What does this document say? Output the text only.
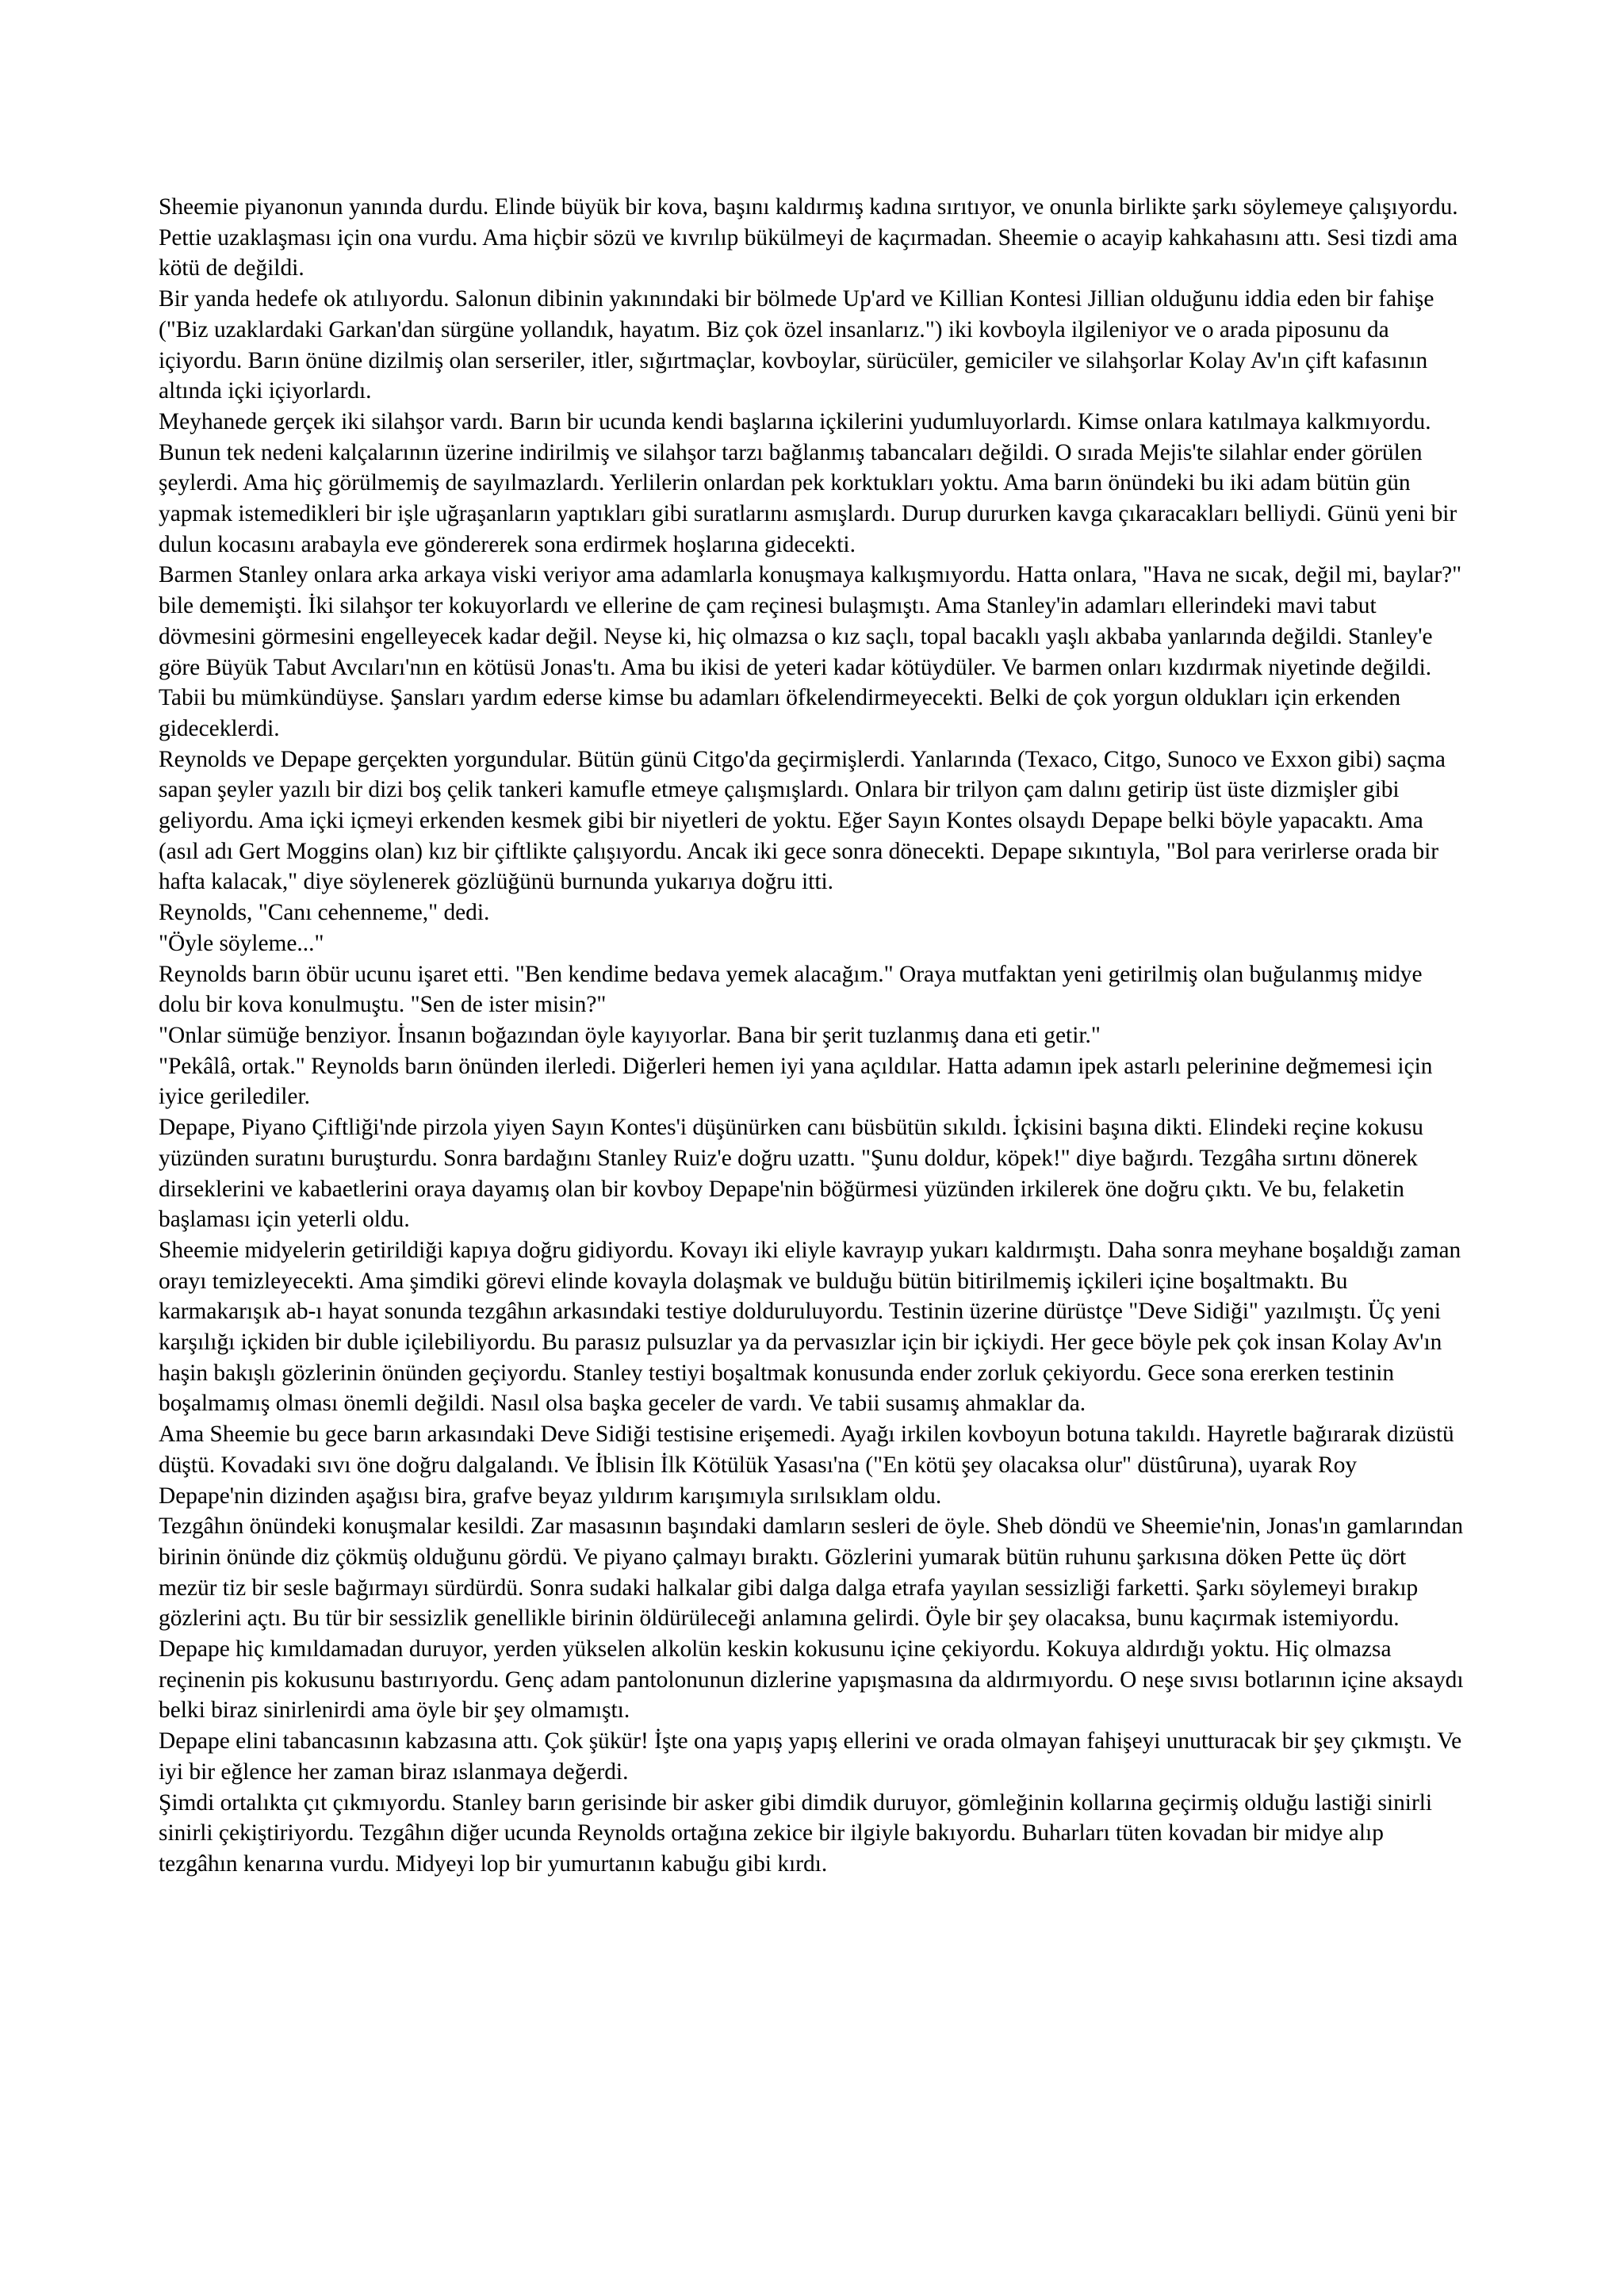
Sheemie piyanonun yanında durdu. Elinde büyük bir kova, başını kaldırmış kadına sırıtıyor, ve onunla birlikte şarkı söylemeye çalışıyordu. Pettie uzaklaşması için ona vurdu. Ama hiçbir sözü ve kıvrılıp bükülmeyi de kaçırmadan. Sheemie o acayip kahkahasını attı. Sesi tizdi ama kötü de değildi.

Bir yanda hedefe ok atılıyordu. Salonun dibinin yakınındaki bir bölmede Up'ard ve Killian Kontesi Jillian olduğunu iddia eden bir fahişe ("Biz uzaklardaki Garkan'dan sürgüne yollandık, hayatım. Biz çok özel insanlarız.") iki kovboyla ilgileniyor ve o arada piposunu da içiyordu. Barın önüne dizilmiş olan serseriler, itler, sığırtmaçlar, kovboylar, sürücüler, gemiciler ve silahşorlar Kolay Av'ın çift kafasının altında içki içiyorlardı.

Meyhanede gerçek iki silahşor vardı. Barın bir ucunda kendi başlarına içkilerini yudumluyorlardı. Kimse onlara katılmaya kalkmıyordu. Bunun tek nedeni kalçalarının üzerine indirilmiş ve silahşor tarzı bağlanmış tabancaları değildi. O sırada Mejis'te silahlar ender görülen şeylerdi. Ama hiç görülmemiş de sayılmazlardı. Yerlilerin onlardan pek korktukları yoktu. Ama barın önündeki bu iki adam bütün gün yapmak istemedikleri bir işle uğraşanların yaptıkları gibi suratlarını asmışlardı. Durup dururken kavga çıkaracakları belliydi. Günü yeni bir dulun kocasını arabayla eve göndererek sona erdirmek hoşlarına gidecekti.

Barmen Stanley onlara arka arkaya viski veriyor ama adamlarla konuşmaya kalkışmıyordu. Hatta onlara, "Hava ne sıcak, değil mi, baylar?" bile dememişti. İki silahşor ter kokuyorlardı ve ellerine de çam reçinesi bulaşmıştı. Ama Stanley'in adamları ellerindeki mavi tabut dövmesini görmesini engelleyecek kadar değil. Neyse ki, hiç olmazsa o kız saçlı, topal bacaklı yaşlı akbaba yanlarında değildi. Stanley'e göre Büyük Tabut Avcıları'nın en kötüsü Jonas'tı. Ama bu ikisi de yeteri kadar kötüydüler. Ve barmen onları kızdırmak niyetinde değildi. Tabii bu mümkündüyse. Şansları yardım ederse kimse bu adamları öfkelendirmeyecekti. Belki de çok yorgun oldukları için erkenden gideceklerdi.

Reynolds ve Depape gerçekten yorgundular. Bütün günü Citgo'da geçirmişlerdi. Yanlarında (Texaco, Citgo, Sunoco ve Exxon gibi) saçma sapan şeyler yazılı bir dizi boş çelik tankeri kamufle etmeye çalışmışlardı. Onlara bir trilyon çam dalını getirip üst üste dizmişler gibi geliyordu. Ama içki içmeyi erkenden kesmek gibi bir niyetleri de yoktu. Eğer Sayın Kontes olsaydı Depape belki böyle yapacaktı. Ama (asıl adı Gert Moggins olan) kız bir çiftlikte çalışıyordu. Ancak iki gece sonra dönecekti. Depape sıkıntıyla, "Bol para verirlerse orada bir hafta kalacak," diye söylenerek gözlüğünü burnunda yukarıya doğru itti.

Reynolds, "Canı cehenneme," dedi.

"Öyle söyleme..."

Reynolds barın öbür ucunu işaret etti. "Ben kendime bedava yemek alacağım." Oraya mutfaktan yeni getirilmiş olan buğulanmış midye dolu bir kova konulmuştu. "Sen de ister misin?"

"Onlar sümüğe benziyor. İnsanın boğazından öyle kayıyorlar. Bana bir şerit tuzlanmış dana eti getir."

"Pekâlâ, ortak." Reynolds barın önünden ilerledi. Diğerleri hemen iyi yana açıldılar. Hatta adamın ipek astarlı pelerinine değmemesi için iyice gerilediler.

Depape, Piyano Çiftliği'nde pirzola yiyen Sayın Kontes'i düşünürken canı büsbütün sıkıldı. İçkisini başına dikti. Elindeki reçine kokusu yüzünden suratını buruşturdu. Sonra bardağını Stanley Ruiz'e doğru uzattı. "Şunu doldur, köpek!" diye bağırdı. Tezgâha sırtını dönerek dirseklerini ve kabaetlerini oraya dayamış olan bir kovboy Depape'nin böğürmesi yüzünden irkilerek öne doğru çıktı. Ve bu, felaketin başlaması için yeterli oldu.

Sheemie midyelerin getirildiği kapıya doğru gidiyordu. Kovayı iki eliyle kavrayıp yukarı kaldırmıştı. Daha sonra meyhane boşaldığı zaman orayı temizleyecekti. Ama şimdiki görevi elinde kovayla dolaşmak ve bulduğu bütün bitirilmemiş içkileri içine boşaltmaktı. Bu karmakarışık ab-ı hayat sonunda tezgâhın arkasındaki testiye dolduruluyordu. Testinin üzerine dürüstçe "Deve Sidiği" yazılmıştı. Üç yeni karşılığı içkiden bir duble içilebiliyordu. Bu parasız pulsuzlar ya da pervasızlar için bir içkiydi. Her gece böyle pek çok insan Kolay Av'ın haşin bakışlı gözlerinin önünden geçiyordu. Stanley testiyi boşaltmak konusunda ender zorluk çekiyordu. Gece sona ererken testinin boşalmamış olması önemli değildi. Nasıl olsa başka geceler de vardı. Ve tabii susamış ahmaklar da.

Ama Sheemie bu gece barın arkasındaki Deve Sidiği testisine erişemedi. Ayağı irkilen kovboyun botuna takıldı. Hayretle bağırarak dizüstü düştü. Kovadaki sıvı öne doğru dalgalandı. Ve İblisin İlk Kötülük Yasası'na ("En kötü şey olacaksa olur" düstûruna), uyarak Roy Depape'nin dizinden aşağısı bira, grafve beyaz yıldırım karışımıyla sırılsıklam oldu.

Tezgâhın önündeki konuşmalar kesildi. Zar masasının başındaki damların sesleri de öyle. Sheb döndü ve Sheemie'nin, Jonas'ın gamlarından birinin önünde diz çökmüş olduğunu gördü. Ve piyano çalmayı bıraktı. Gözlerini yumarak bütün ruhunu şarkısına döken Pette üç dört mezür tiz bir sesle bağırmayı sürdürdü. Sonra sudaki halkalar gibi dalga dalga etrafa yayılan sessizliği farketti. Şarkı söylemeyi bırakıp gözlerini açtı. Bu tür bir sessizlik genellikle birinin öldürüleceği anlamına gelirdi. Öyle bir şey olacaksa, bunu kaçırmak istemiyordu.

Depape hiç kımıldamadan duruyor, yerden yükselen alkolün keskin kokusunu içine çekiyordu. Kokuya aldırdığı yoktu. Hiç olmazsa reçinenin pis kokusunu bastırıyordu. Genç adam pantolonunun dizlerine yapışmasına da aldırmıyordu. O neşe sıvısı botlarının içine aksaydı belki biraz sinirlenirdi ama öyle bir şey olmamıştı.

Depape elini tabancasının kabzasına attı. Çok şükür! İşte ona yapış yapış ellerini ve orada olmayan fahişeyi unutturacak bir şey çıkmıştı. Ve iyi bir eğlence her zaman biraz ıslanmaya değerdi.

Şimdi ortalıkta çıt çıkmıyordu. Stanley barın gerisinde bir asker gibi dimdik duruyor, gömleğinin kollarına geçirmiş olduğu lastiği sinirli sinirli çekiştiriyordu. Tezgâhın diğer ucunda Reynolds ortağına zekice bir ilgiyle bakıyordu. Buharları tüten kovadan bir midye alıp tezgâhın kenarına vurdu. Midyeyi lop bir yumurtanın kabuğu gibi kırdı.
